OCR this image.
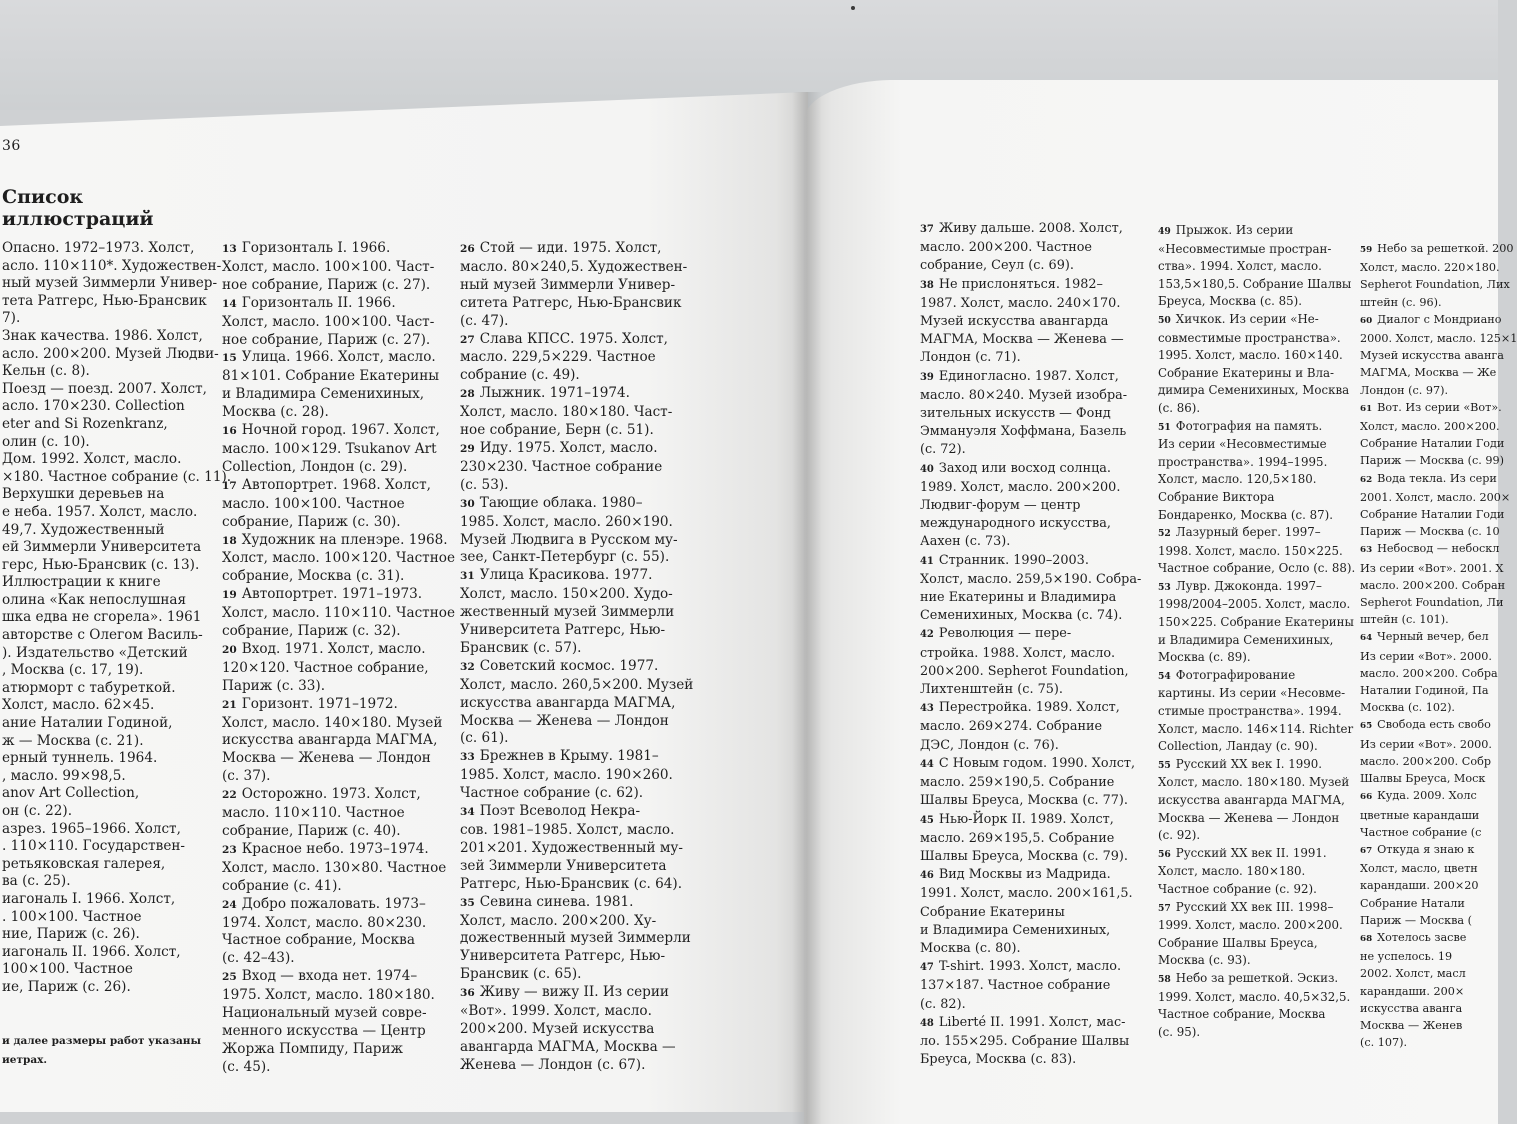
36
Список
иллюстраций
Опасно. 1972–1973. Холст,
асло. 110×110*. Художествен-
ный музей Зиммерли Универ-
тета Ратгерс, Нью-Брансвик
7).
Знак качества. 1986. Холст,
асло. 200×200. Музей Людви-
Кельн (с. 8).
Поезд — поезд. 2007. Холст,
асло. 170×230. Collection
eter and Si Rozenkranz,
олин (с. 10).
Дом. 1992. Холст, масло.
×180. Частное собрание (с. 11).
Верхушки деревьев на
е неба. 1957. Холст, масло.
49,7. Художественный
ей Зиммерли Университета
герс, Нью-Брансвик (с. 13).
Иллюстрации к книге
олина «Как непослушная
шка едва не сгорела». 1961
авторстве с Олегом Василь-
). Издательство «Детский
, Москва (с. 17, 19).
атюрморт с табуреткой.
Холст, масло. 62×45.
ание Наталии Годиной,
ж — Москва (с. 21).
ерный туннель. 1964.
, масло. 99×98,5.
anov Art Collection,
он (с. 22).
азрез. 1965–1966. Холст,
. 110×110. Государствен-
ретьяковская галерея,
ва (с. 25).
иагональ I. 1966. Холст,
. 100×100. Частное
ние, Париж (с. 26).
иагональ II. 1966. Холст,
100×100. Частное
ие, Париж (с. 26).
13 Горизонталь I. 1966.
Холст, масло. 100×100. Част-
ное собрание, Париж (с. 27).
14 Горизонталь II. 1966.
Холст, масло. 100×100. Част-
ное собрание, Париж (с. 27).
15 Улица. 1966. Холст, масло.
81×101. Собрание Екатерины
и Владимира Семенихиных,
Москва (с. 28).
16 Ночной город. 1967. Холст,
масло. 100×129. Tsukanov Art
Collection, Лондон (с. 29).
17 Автопортрет. 1968. Холст,
масло. 100×100. Частное
собрание, Париж (с. 30).
18 Художник на пленэре. 1968.
Холст, масло. 100×120. Частное
собрание, Москва (с. 31).
19 Автопортрет. 1971–1973.
Холст, масло. 110×110. Частное
собрание, Париж (с. 32).
20 Вход. 1971. Холст, масло.
120×120. Частное собрание,
Париж (с. 33).
21 Горизонт. 1971–1972.
Холст, масло. 140×180. Музей
искусства авангарда МАГМА,
Москва — Женева — Лондон
(с. 37).
22 Осторожно. 1973. Холст,
масло. 110×110. Частное
собрание, Париж (с. 40).
23 Красное небо. 1973–1974.
Холст, масло. 130×80. Частное
собрание (с. 41).
24 Добро пожаловать. 1973–
1974. Холст, масло. 80×230.
Частное собрание, Москва
(с. 42–43).
25 Вход — входа нет. 1974–
1975. Холст, масло. 180×180.
Национальный музей совре-
менного искусства — Центр
Жоржа Помпиду, Париж
(с. 45).
26 Стой — иди. 1975. Холст,
масло. 80×240,5. Художествен-
ный музей Зиммерли Универ-
ситета Ратгерс, Нью-Брансвик
(с. 47).
27 Слава КПСС. 1975. Холст,
масло. 229,5×229. Частное
собрание (с. 49).
28 Лыжник. 1971–1974.
Холст, масло. 180×180. Част-
ное собрание, Берн (с. 51).
29 Иду. 1975. Холст, масло.
230×230. Частное собрание
(с. 53).
30 Тающие облака. 1980–
1985. Холст, масло. 260×190.
Музей Людвига в Русском му-
зее, Санкт-Петербург (с. 55).
31 Улица Красикова. 1977.
Холст, масло. 150×200. Худо-
жественный музей Зиммерли
Университета Ратгерс, Нью-
Брансвик (с. 57).
32 Советский космос. 1977.
Холст, масло. 260,5×200. Музей
искусства авангарда МАГМА,
Москва — Женева — Лондон
(с. 61).
33 Брежнев в Крыму. 1981–
1985. Холст, масло. 190×260.
Частное собрание (с. 62).
34 Поэт Всеволод Некра-
сов. 1981–1985. Холст, масло.
201×201. Художественный му-
зей Зиммерли Университета
Ратгерс, Нью-Брансвик (с. 64).
35 Севина синева. 1981.
Холст, масло. 200×200. Ху-
дожественный музей Зиммерли
Университета Ратгерс, Нью-
Брансвик (с. 65).
36 Живу — вижу II. Из серии
«Вот». 1999. Холст, масло.
200×200. Музей искусства
авангарда МАГМА, Москва —
Женева — Лондон (с. 67).
и далее размеры работ указаны
иетрах.
37 Живу дальше. 2008. Холст,
масло. 200×200. Частное
собрание, Сеул (с. 69).
38 Не прислоняться. 1982–
1987. Холст, масло. 240×170.
Музей искусства авангарда
МАГМА, Москва — Женева —
Лондон (с. 71).
39 Единогласно. 1987. Холст,
масло. 80×240. Музей изобра-
зительных искусств — Фонд
Эммануэля Хоффмана, Базель
(с. 72).
40 Заход или восход солнца.
1989. Холст, масло. 200×200.
Людвиг-форум — центр
международного искусства,
Аахен (с. 73).
41 Странник. 1990–2003.
Холст, масло. 259,5×190. Собра-
ние Екатерины и Владимира
Семенихиных, Москва (с. 74).
42 Революция — пере-
стройка. 1988. Холст, масло.
200×200. Sepherot Foundation,
Лихтенштейн (с. 75).
43 Перестройка. 1989. Холст,
масло. 269×274. Собрание
ДЭС, Лондон (с. 76).
44 С Новым годом. 1990. Холст,
масло. 259×190,5. Собрание
Шалвы Бреуса, Москва (с. 77).
45 Нью-Йорк II. 1989. Холст,
масло. 269×195,5. Собрание
Шалвы Бреуса, Москва (с. 79).
46 Вид Москвы из Мадрида.
1991. Холст, масло. 200×161,5.
Собрание Екатерины
и Владимира Семенихиных,
Москва (с. 80).
47 T-shirt. 1993. Холст, масло.
137×187. Частное собрание
(с. 82).
48 Liberté II. 1991. Холст, мас-
ло. 155×295. Собрание Шалвы
Бреуса, Москва (с. 83).
49 Прыжок. Из серии
«Несовместимые простран-
ства». 1994. Холст, масло.
153,5×180,5. Собрание Шалвы
Бреуса, Москва (с. 85).
50 Хичкок. Из серии «Не-
совместимые пространства».
1995. Холст, масло. 160×140.
Собрание Екатерины и Вла-
димира Семенихиных, Москва
(с. 86).
51 Фотография на память.
Из серии «Несовместимые
пространства». 1994–1995.
Холст, масло. 120,5×180.
Собрание Виктора
Бондаренко, Москва (с. 87).
52 Лазурный берег. 1997–
1998. Холст, масло. 150×225.
Частное собрание, Осло (с. 88).
53 Лувр. Джоконда. 1997–
1998/2004–2005. Холст, масло.
150×225. Собрание Екатерины
и Владимира Семенихиных,
Москва (с. 89).
54 Фотографирование
картины. Из серии «Несовме-
стимые пространства». 1994.
Холст, масло. 146×114. Richter
Collection, Ландау (с. 90).
55 Русский XX век I. 1990.
Холст, масло. 180×180. Музей
искусства авангарда МАГМА,
Москва — Женева — Лондон
(с. 92).
56 Русский XX век II. 1991.
Холст, масло. 180×180.
Частное собрание (с. 92).
57 Русский XX век III. 1998–
1999. Холст, масло. 200×200.
Собрание Шалвы Бреуса,
Москва (с. 93).
58 Небо за решеткой. Эскиз.
1999. Холст, масло. 40,5×32,5.
Частное собрание, Москва
(с. 95).
59 Небо за решеткой. 200
Холст, масло. 220×180.
Sepherot Foundation, Лих
штейн (с. 96).
60 Диалог с Мондриано
2000. Холст, масло. 125×1
Музей искусства аванга
МАГМА, Москва — Же
Лондон (с. 97).
61 Вот. Из серии «Вот».
Холст, масло. 200×200.
Собрание Наталии Годи
Париж — Москва (с. 99)
62 Вода текла. Из сери
2001. Холст, масло. 200×
Собрание Наталии Годи
Париж — Москва (с. 10
63 Небосвод — небоскл
Из серии «Вот». 2001. Х
масло. 200×200. Собран
Sepherot Foundation, Ли
штейн (с. 101).
64 Черный вечер, бел
Из серии «Вот». 2000.
масло. 200×200. Собра
Наталии Годиной, Па
Москва (с. 102).
65 Свобода есть свобо
Из серии «Вот». 2000.
масло. 200×200. Собр
Шалвы Бреуса, Моск
66 Куда. 2009. Холс
цветные карандаши
Частное собрание (с
67 Откуда я знаю к
Холст, масло, цветн
карандаши. 200×20
Собрание Натали
Париж — Москва (
68 Хотелось засве
не успелось. 19
2002. Холст, масл
карандаши. 200×
искусства аванга
Москва — Женев
(с. 107).
